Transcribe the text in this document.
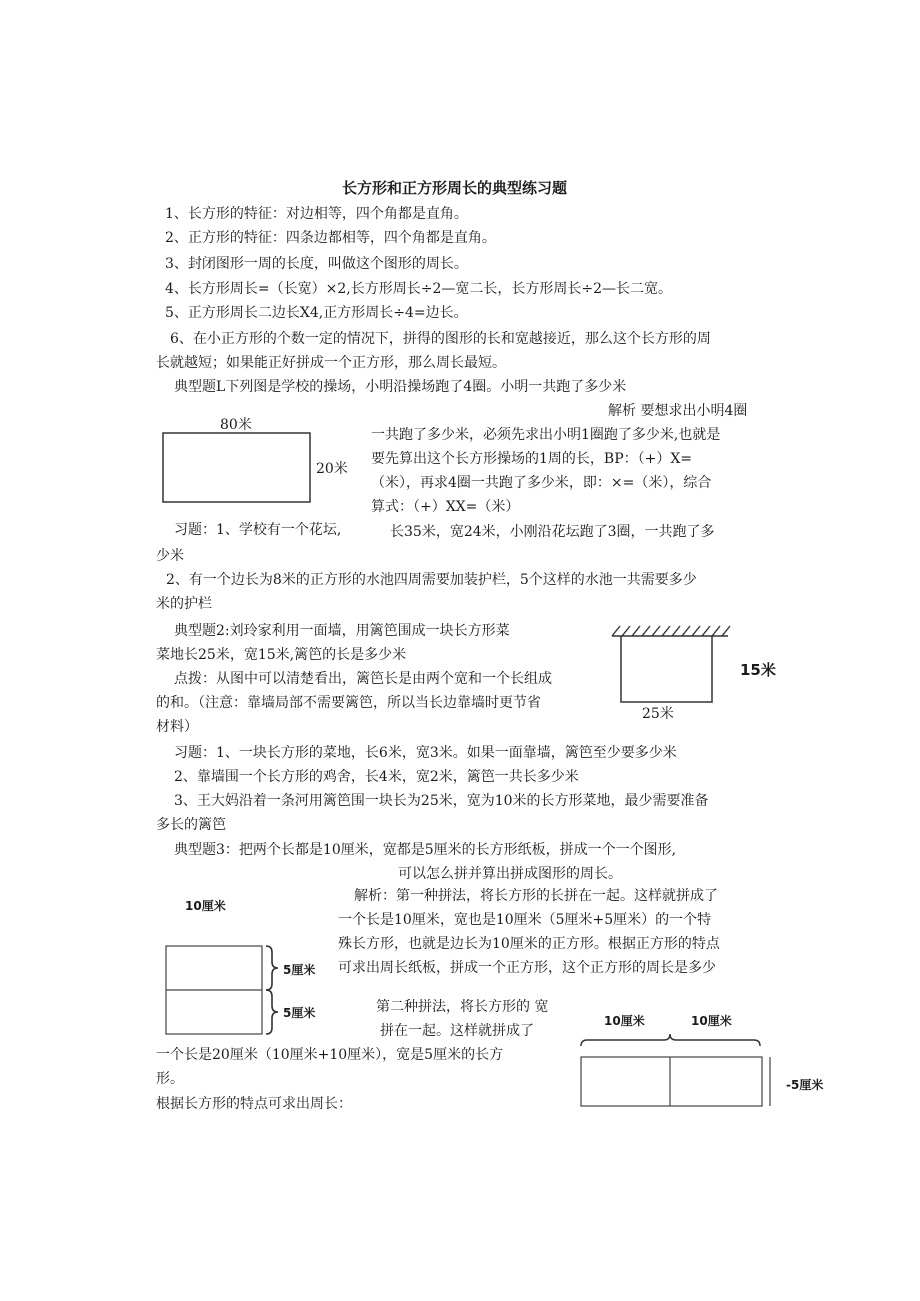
长方形和正方形周长的典型练习题
1、长方形的特征：对边相等，四个角都是直角。
2、正方形的特征：四条边都相等，四个角都是直角。
3、封闭图形一周的长度，叫做这个图形的周长。
4、长方形周长=（长宽）×2,长方形周长÷2—宽二长，长方形周长÷2—长二宽。
5、正方形周长二边长X4,正方形周长÷4=边长。
6、在小正方形的个数一定的情况下，拼得的图形的长和宽越接近，那么这个长方形的周
长就越短；如果能正好拼成一个正方形，那么周长最短。
典型题L下列图是学校的操场，小明沿操场跑了4圈。小明一共跑了多少米
80米
20米
解析 要想求出小明4圈
一共跑了多少米，必须先求出小明1圈跑了多少米,也就是
要先算出这个长方形操场的1周的长，BP：（+）X=
（米），再求4圈一共跑了多少米，即：×=（米），综合
算式：（+）XX=（米）
习题：1、学校有一个花坛,	长35米，宽24米，小刚沿花坛跑了3圈，一共跑了多
少米
2、有一个边长为8米的正方形的水池四周需要加装护栏，5个这样的水池一共需要多少
米的护栏
典型题2:刘玲家利用一面墙，用篱笆围成一块长方形菜
菜地长25米，宽15米,篱笆的长是多少米
点拨：从图中可以清楚看出，篱笆长是由两个宽和一个长组成
的和。（注意：靠墙局部不需要篱笆，所以当长边靠墙时更节省
材料）
15米
25米
习题：1、一块长方形的菜地，长6米，宽3米。如果一面靠墙，篱笆至少要多少米
2、靠墙围一个长方形的鸡舍，长4米，宽2米，篱笆一共长多少米
3、王大妈沿着一条河用篱笆围一块长为25米，宽为10米的长方形菜地，最少需要准备
多长的篱笆
典型题3：把两个长都是10厘米，宽都是5厘米的长方形纸板，拼成一个一个图形,
可以怎么拼并算出拼成图形的周长。
10厘米
5厘米
5厘米
解析：第一种拼法，将长方形的长拼在一起。这样就拼成了
一个长是10厘米，宽也是10厘米（5厘米+5厘米）的一个特
殊长方形，也就是边长为10厘米的正方形。根据正方形的特点
可求出周长纸板，拼成一个正方形，这个正方形的周长是多少
第二种拼法，将长方形的 宽
拼在一起。这样就拼成了
一个长是20厘米（10厘米+10厘米），宽是5厘米的长方
形。
根据长方形的特点可求出周长：
10厘米	10厘米
-5厘米
